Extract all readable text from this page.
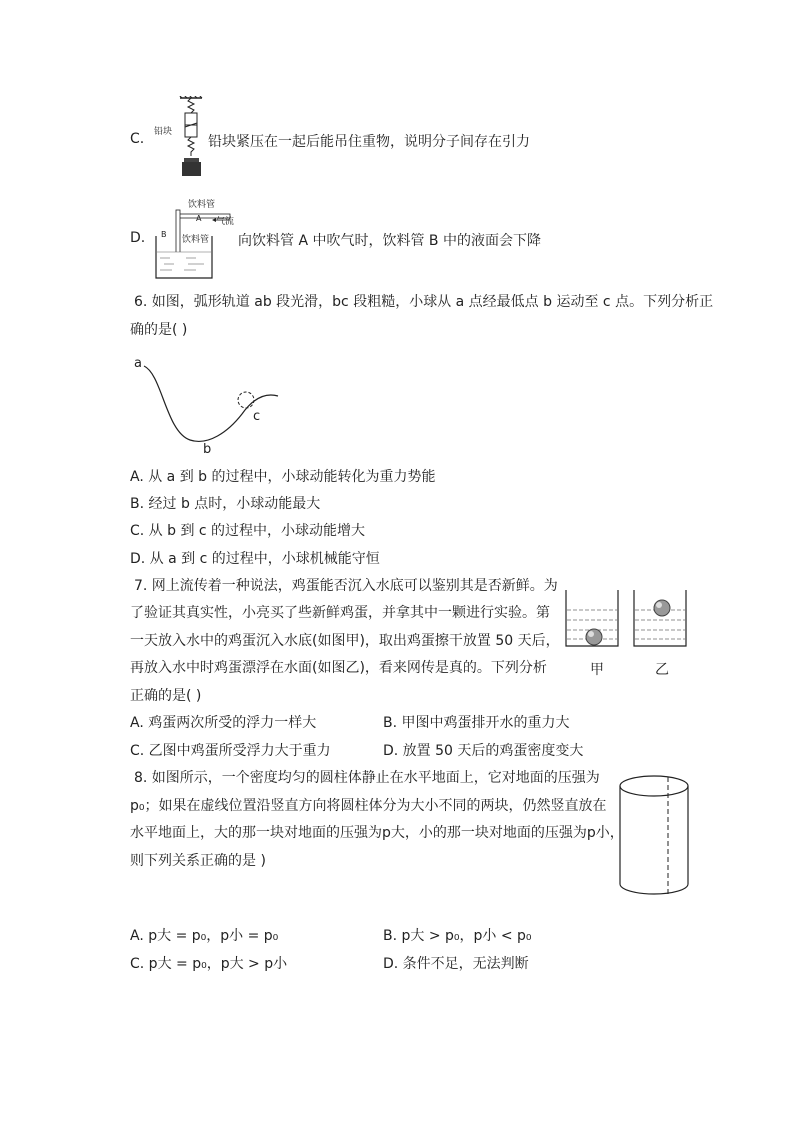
C. 铅块
铅块紧压在一起后能吊住重物，说明分子间存在引力
D.
饮料管
A 气流
B
饮料管 向饮料管 A 中吹气时，饮料管 B 中的液面会下降
6. 如图，弧形轨道 ab 段光滑，bc 段粗糙，小球从 a 点经最低点 b 运动至 c 点。下列分析正
确的是( )
a
b
c
A. 从 a 到 b 的过程中，小球动能转化为重力势能
B. 经过 b 点时，小球动能最大
C. 从 b 到 c 的过程中，小球动能增大
D. 从 a 到 c 的过程中，小球机械能守恒
7. 网上流传着一种说法，鸡蛋能否沉入水底可以鉴别其是否新鲜。为
了验证其真实性，小亮买了些新鲜鸡蛋，并拿其中一颗进行实验。第
一天放入水中的鸡蛋沉入水底(如图甲)，取出鸡蛋擦干放置 50 天后，
再放入水中时鸡蛋漂浮在水面(如图乙)，看来网传是真的。下列分析
正确的是( )
甲	乙
A. 鸡蛋两次所受的浮力一样大	B. 甲图中鸡蛋排开水的重力大
C. 乙图中鸡蛋所受浮力大于重力	D. 放置 50 天后的鸡蛋密度变大
8. 如图所示，一个密度均匀的圆柱体静止在水平地面上，它对地面的压强为
p₀；如果在虚线位置沿竖直方向将圆柱体分为大小不同的两块，仍然竖直放在
水平地面上，大的那一块对地面的压强为p大，小的那一块对地面的压强为p小，
则下列关系正确的是 )
A. p大 = p₀，p小 = p₀	B. p大 > p₀，p小 < p₀
C. p大 = p₀，p大 > p小	D. 条件不足，无法判断
